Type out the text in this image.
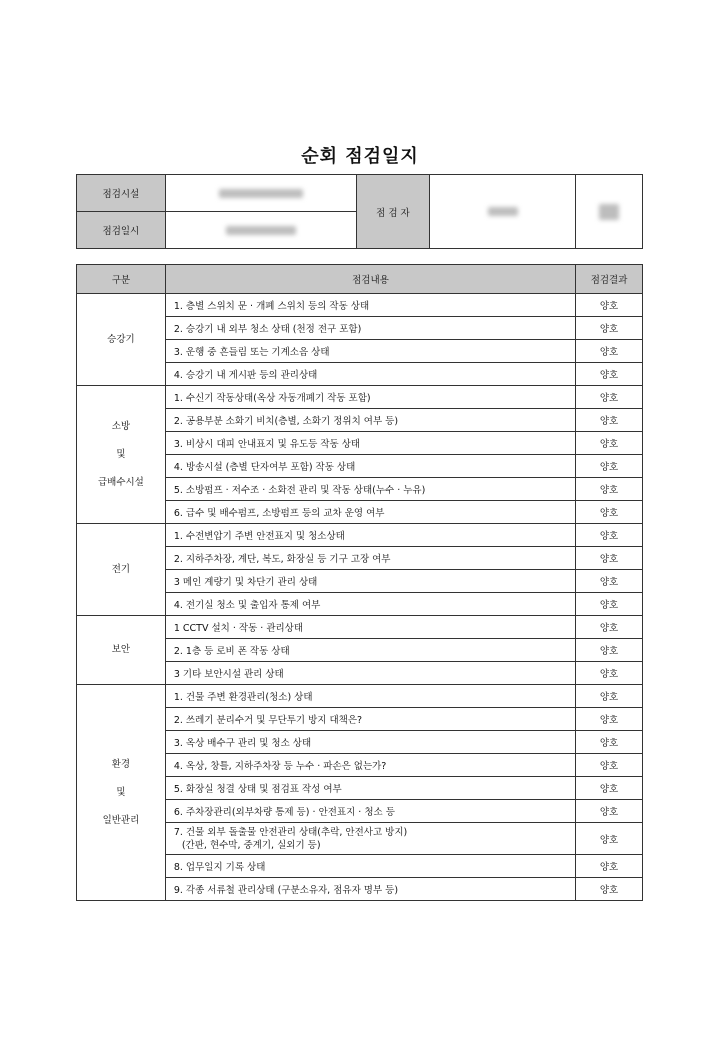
순회 점검일지
점검시설		점 검 자		
점검일시				
구분	점검내용	점검결과

승강기	1. 층별 스위치 문 · 개폐 스위치 등의 작동 상태	양호
	2. 승강기 내 외부 청소 상태 (천정 전구 포함)	양호
	3. 운행 중 흔들림 또는 기계소음 상태	양호
	4. 승강기 내 게시판 등의 관리상태	양호

소방
및
급배수시설	1. 수신기 작동상태(옥상 자동개폐기 작동 포함)	양호
	2. 공용부분 소화기 비치(층별, 소화기 정위치 여부 등)	양호
	3. 비상시 대피 안내표지 및 유도등 작동 상태	양호
	4. 방송시설 (층별 단자여부 포함) 작동 상태	양호
	5. 소방펌프 · 저수조 · 소화전 관리 및 작동 상태(누수 · 누유)	양호
	6. 급수 및 배수펌프, 소방펌프 등의 교차 운영 여부	양호

전기	1. 수전변압기 주변 안전표지 및 청소상태	양호
	2. 지하주차장, 계단, 복도, 화장실 등 기구 고장 여부	양호
	3 메인 계량기 및 차단기 관리 상태	양호
	4. 전기실 청소 및 출입자 통제 여부	양호

보안	1 CCTV 설치 · 작동 · 관리상태	양호
	2. 1층 등 로비 폰 작동 상태	양호
	3 기타 보안시설 관리 상태	양호

환경
및
일반관리	1. 건물 주변 환경관리(청소) 상태	양호
	2. 쓰레기 분리수거 및 무단투기 방지 대책은?	양호
	3. 옥상 배수구 관리 및 청소 상태	양호
	4. 옥상, 창틀, 지하주차장 등 누수 · 파손은 없는가?	양호
	5. 화장실 청결 상태 및 점검표 작성 여부	양호
	6. 주차장관리(외부차량 통제 등) · 안전표지 · 청소 등	양호
	7. 건물 외부 돌출물 안전관리 상태(추락, 안전사고 방지)
(간판, 현수막, 중계기, 실외기 등)	양호
	8. 업무일지 기록 상태	양호
	9. 각종 서류철 관리상태 (구분소유자, 점유자 명부 등)	양호
